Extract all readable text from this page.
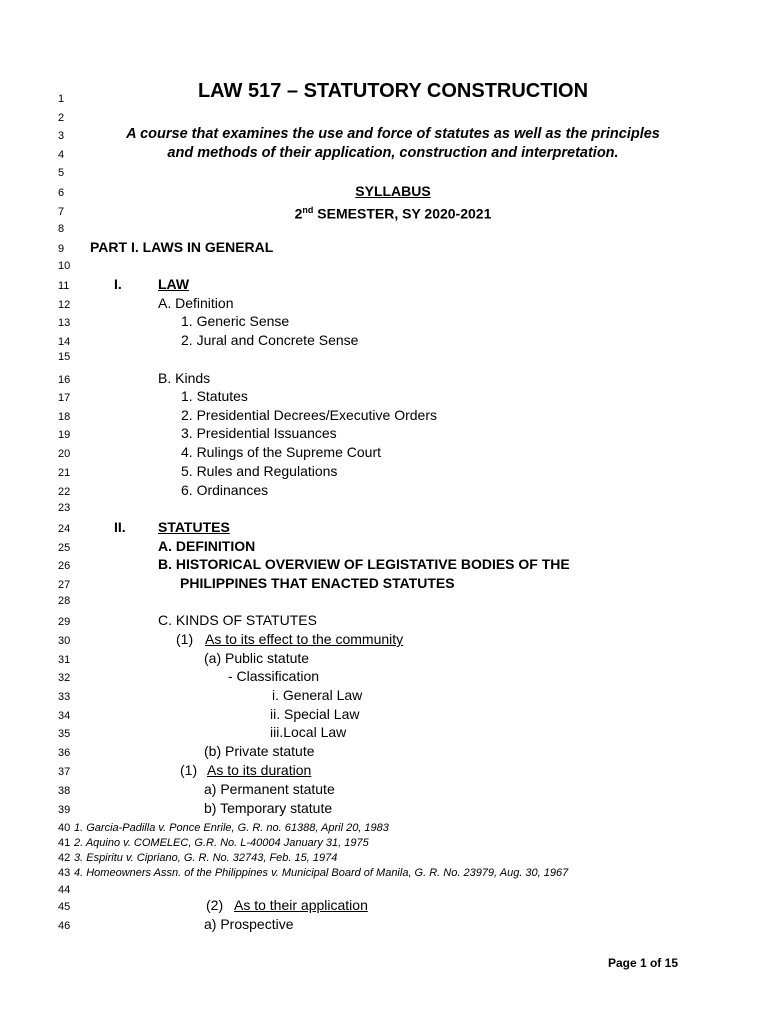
1	LAW 517 – STATUTORY CONSTRUCTION
2
3	A course that examines the use and force of statutes as well as the principles
4	and methods of their application, construction and interpretation.
5
6	SYLLABUS
7	2nd SEMESTER, SY 2020-2021
8
9	PART I. LAWS IN GENERAL
10
11	I.	LAW
12	A. Definition
13	1. Generic Sense
14	2. Jural and Concrete Sense
15
16	B. Kinds
17	1. Statutes
18	2. Presidential Decrees/Executive Orders
19	3. Presidential Issuances
20	4. Rulings of the Supreme Court
21	5. Rules and Regulations
22	6. Ordinances
23
24	II. STATUTES
25	A. DEFINITION
26	B. HISTORICAL OVERVIEW OF LEGISTATIVE BODIES OF THE
27	PHILIPPINES THAT ENACTED STATUTES
28
29	C. KINDS OF STATUTES
30	(1) As to its effect to the community
31	(a) Public statute
32	- Classification
33	i. General Law
34	ii. Special Law
35	iii.Local Law
36	(b) Private statute
37	(1) As to its duration
38	a) Permanent statute
39	b) Temporary statute
40 1. Garcia-Padilla v. Ponce Enrile, G. R. no. 61388, April 20, 1983
41 2. Aquino v. COMELEC, G.R. No. L-40004 January 31, 1975
42 3. Espiritu v. Cipriano, G. R. No. 32743, Feb. 15, 1974
43 4. Homeowners Assn. of the Philippines v. Municipal Board of Manila, G. R. No. 23979, Aug. 30, 1967
44
45	(2) As to their application
46	a) Prospective
Page 1 of 15
